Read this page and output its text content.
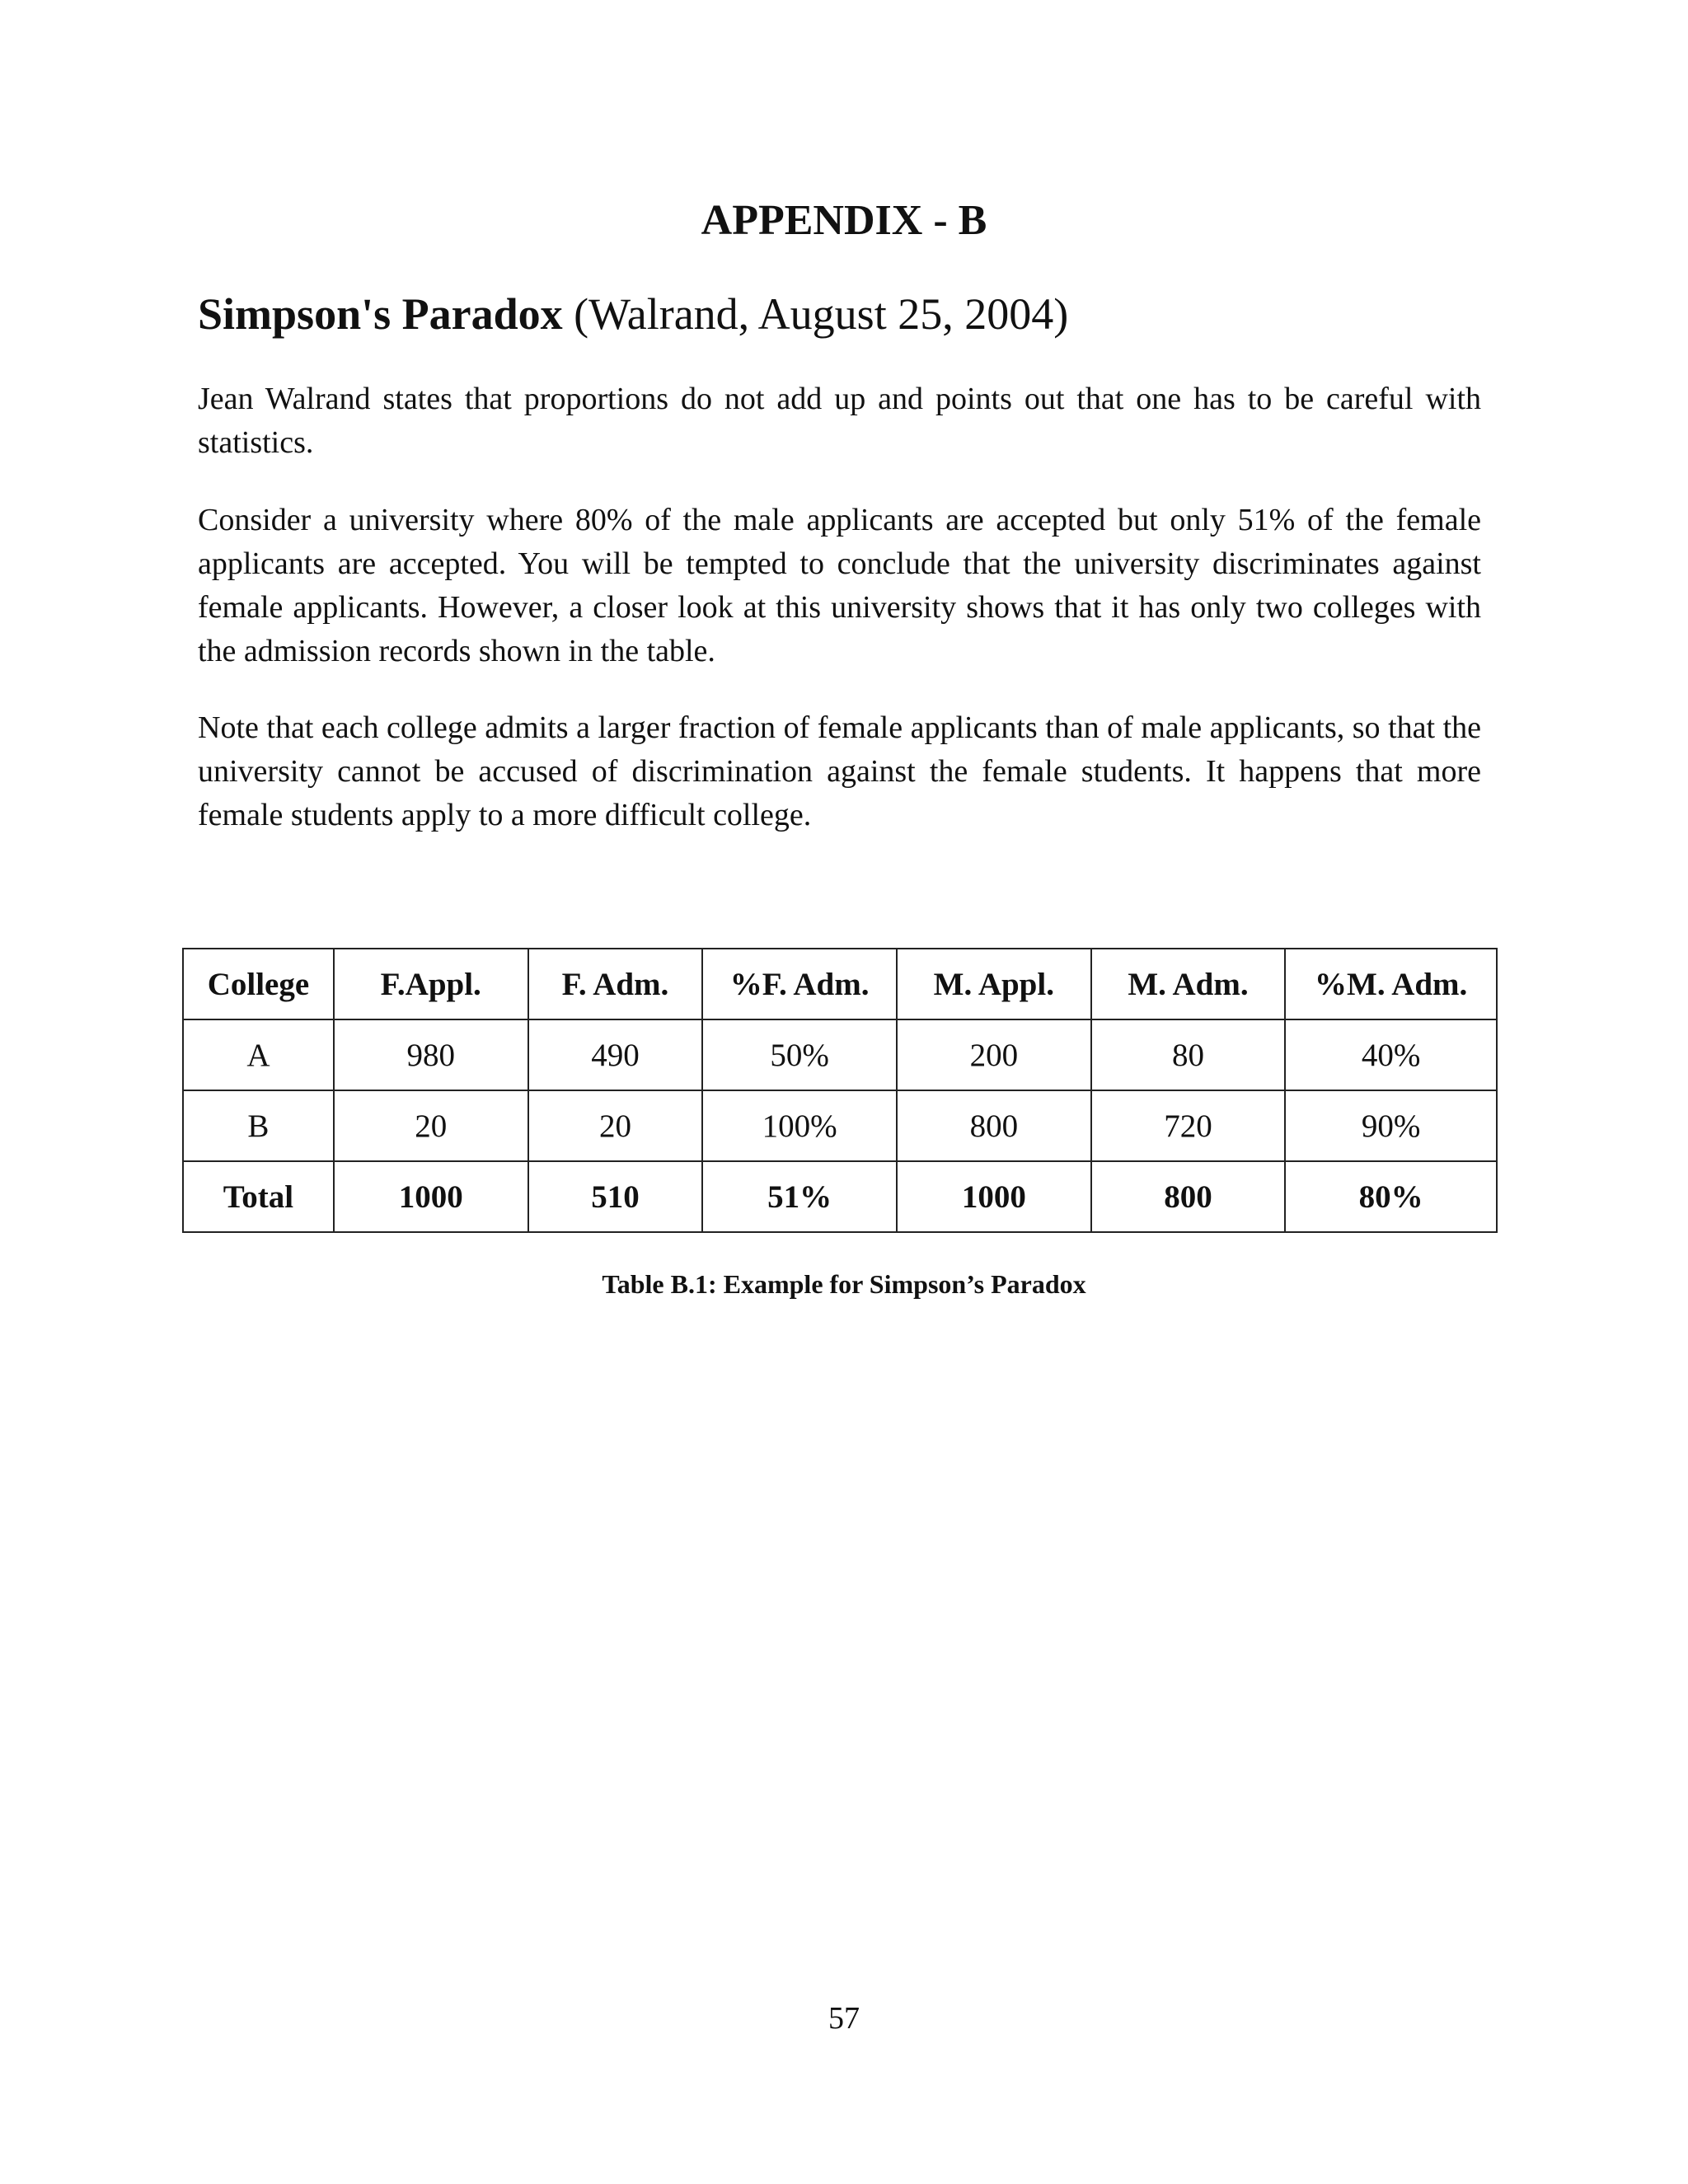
APPENDIX - B
Simpson's Paradox (Walrand, August 25, 2004)

Jean Walrand states that proportions do not add up and points out that one has to be careful with statistics.

Consider a university where 80% of the male applicants are accepted but only 51% of the female applicants are accepted. You will be tempted to conclude that the university discriminates against female applicants. However, a closer look at this university shows that it has only two colleges with the admission records shown in the table.

Note that each college admits a larger fraction of female applicants than of male applicants, so that the university cannot be accused of discrimination against the female students. It happens that more female students apply to a more difficult college.

College	F.Appl.	F. Adm.	%F. Adm.	M. Appl.	M. Adm.	%M. Adm.
A	980	490	50%	200	80	40%
B	20	20	100%	800	720	90%
Total	1000	510	51%	1000	800	80%
Table B.1: Example for Simpson’s Paradox
57
